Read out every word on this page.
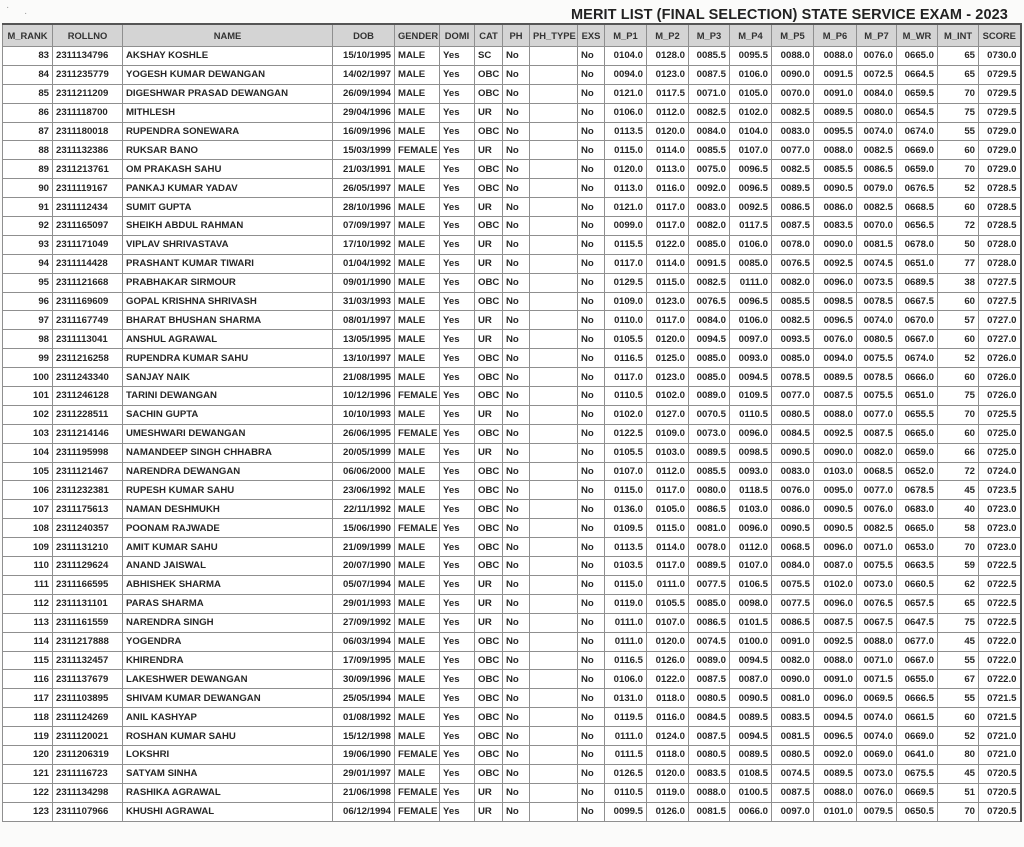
·
·	MERIT LIST (FINAL SELECTION) STATE SERVICE EXAM - 2023
M_RANK	ROLLNO	NAME	DOB	GENDER	DOMI	CAT	PH	PH_TYPE	EXS	M_P1	M_P2	M_P3	M_P4	M_P5	M_P6	M_P7	M_WR	M_INT	SCORE
83	2311134796	AKSHAY KOSHLE	15/10/1995	MALE	Yes	SC	No		No	0104.0	0128.0	0085.5	0095.5	0088.0	0088.0	0076.0	0665.0	65	0730.0
84	2311235779	YOGESH KUMAR DEWANGAN	14/02/1997	MALE	Yes	OBC	No		No	0094.0	0123.0	0087.5	0106.0	0090.0	0091.5	0072.5	0664.5	65	0729.5
85	2311211209	DIGESHWAR PRASAD DEWANGAN	26/09/1994	MALE	Yes	OBC	No		No	0121.0	0117.5	0071.0	0105.0	0070.0	0091.0	0084.0	0659.5	70	0729.5
86	2311118700	MITHLESH	29/04/1996	MALE	Yes	UR	No		No	0106.0	0112.0	0082.5	0102.0	0082.5	0089.5	0080.0	0654.5	75	0729.5
87	2311180018	RUPENDRA SONEWARA	16/09/1996	MALE	Yes	OBC	No		No	0113.5	0120.0	0084.0	0104.0	0083.0	0095.5	0074.0	0674.0	55	0729.0
88	2311132386	RUKSAR BANO	15/03/1999	FEMALE	Yes	UR	No		No	0115.0	0114.0	0085.5	0107.0	0077.0	0088.0	0082.5	0669.0	60	0729.0
89	2311213761	OM PRAKASH SAHU	21/03/1991	MALE	Yes	OBC	No		No	0120.0	0113.0	0075.0	0096.5	0082.5	0085.5	0086.5	0659.0	70	0729.0
90	2311119167	PANKAJ KUMAR YADAV	26/05/1997	MALE	Yes	OBC	No		No	0113.0	0116.0	0092.0	0096.5	0089.5	0090.5	0079.0	0676.5	52	0728.5
91	2311112434	SUMIT GUPTA	28/10/1996	MALE	Yes	UR	No		No	0121.0	0117.0	0083.0	0092.5	0086.5	0086.0	0082.5	0668.5	60	0728.5
92	2311165097	SHEIKH ABDUL RAHMAN	07/09/1997	MALE	Yes	OBC	No		No	0099.0	0117.0	0082.0	0117.5	0087.5	0083.5	0070.0	0656.5	72	0728.5
93	2311171049	VIPLAV SHRIVASTAVA	17/10/1992	MALE	Yes	UR	No		No	0115.5	0122.0	0085.0	0106.0	0078.0	0090.0	0081.5	0678.0	50	0728.0
94	2311114428	PRASHANT KUMAR TIWARI	01/04/1992	MALE	Yes	UR	No		No	0117.0	0114.0	0091.5	0085.0	0076.5	0092.5	0074.5	0651.0	77	0728.0
95	2311121668	PRABHAKAR SIRMOUR	09/01/1990	MALE	Yes	OBC	No		No	0129.5	0115.0	0082.5	0111.0	0082.0	0096.0	0073.5	0689.5	38	0727.5
96	2311169609	GOPAL KRISHNA SHRIVASH	31/03/1993	MALE	Yes	OBC	No		No	0109.0	0123.0	0076.5	0096.5	0085.5	0098.5	0078.5	0667.5	60	0727.5
97	2311167749	BHARAT BHUSHAN SHARMA	08/01/1997	MALE	Yes	UR	No		No	0110.0	0117.0	0084.0	0106.0	0082.5	0096.5	0074.0	0670.0	57	0727.0
98	2311113041	ANSHUL AGRAWAL	13/05/1995	MALE	Yes	UR	No		No	0105.5	0120.0	0094.5	0097.0	0093.5	0076.0	0080.5	0667.0	60	0727.0
99	2311216258	RUPENDRA KUMAR SAHU	13/10/1997	MALE	Yes	OBC	No		No	0116.5	0125.0	0085.0	0093.0	0085.0	0094.0	0075.5	0674.0	52	0726.0
100	2311243340	SANJAY NAIK	21/08/1995	MALE	Yes	OBC	No		No	0117.0	0123.0	0085.0	0094.5	0078.5	0089.5	0078.5	0666.0	60	0726.0
101	2311246128	TARINI DEWANGAN	10/12/1996	FEMALE	Yes	OBC	No		No	0110.5	0102.0	0089.0	0109.5	0077.0	0087.5	0075.5	0651.0	75	0726.0
102	2311228511	SACHIN GUPTA	10/10/1993	MALE	Yes	UR	No		No	0102.0	0127.0	0070.5	0110.5	0080.5	0088.0	0077.0	0655.5	70	0725.5
103	2311214146	UMESHWARI DEWANGAN	26/06/1995	FEMALE	Yes	OBC	No		No	0122.5	0109.0	0073.0	0096.0	0084.5	0092.5	0087.5	0665.0	60	0725.0
104	2311195998	NAMANDEEP SINGH CHHABRA	20/05/1999	MALE	Yes	UR	No		No	0105.5	0103.0	0089.5	0098.5	0090.5	0090.0	0082.0	0659.0	66	0725.0
105	2311121467	NARENDRA DEWANGAN	06/06/2000	MALE	Yes	OBC	No		No	0107.0	0112.0	0085.5	0093.0	0083.0	0103.0	0068.5	0652.0	72	0724.0
106	2311232381	RUPESH KUMAR SAHU	23/06/1992	MALE	Yes	OBC	No		No	0115.0	0117.0	0080.0	0118.5	0076.0	0095.0	0077.0	0678.5	45	0723.5
107	2311175613	NAMAN DESHMUKH	22/11/1992	MALE	Yes	OBC	No		No	0136.0	0105.0	0086.5	0103.0	0086.0	0090.5	0076.0	0683.0	40	0723.0
108	2311240357	POONAM RAJWADE	15/06/1990	FEMALE	Yes	OBC	No		No	0109.5	0115.0	0081.0	0096.0	0090.5	0090.5	0082.5	0665.0	58	0723.0
109	2311131210	AMIT KUMAR SAHU	21/09/1999	MALE	Yes	OBC	No		No	0113.5	0114.0	0078.0	0112.0	0068.5	0096.0	0071.0	0653.0	70	0723.0
110	2311129624	ANAND JAISWAL	20/07/1990	MALE	Yes	OBC	No		No	0103.5	0117.0	0089.5	0107.0	0084.0	0087.0	0075.5	0663.5	59	0722.5
111	2311166595	ABHISHEK SHARMA	05/07/1994	MALE	Yes	UR	No		No	0115.0	0111.0	0077.5	0106.5	0075.5	0102.0	0073.0	0660.5	62	0722.5
112	2311131101	PARAS SHARMA	29/01/1993	MALE	Yes	UR	No		No	0119.0	0105.5	0085.0	0098.0	0077.5	0096.0	0076.5	0657.5	65	0722.5
113	2311161559	NARENDRA SINGH	27/09/1992	MALE	Yes	UR	No		No	0111.0	0107.0	0086.5	0101.5	0086.5	0087.5	0067.5	0647.5	75	0722.5
114	2311217888	YOGENDRA	06/03/1994	MALE	Yes	OBC	No		No	0111.0	0120.0	0074.5	0100.0	0091.0	0092.5	0088.0	0677.0	45	0722.0
115	2311132457	KHIRENDRA	17/09/1995	MALE	Yes	OBC	No		No	0116.5	0126.0	0089.0	0094.5	0082.0	0088.0	0071.0	0667.0	55	0722.0
116	2311137679	LAKESHWER DEWANGAN	30/09/1996	MALE	Yes	OBC	No		No	0106.0	0122.0	0087.5	0087.0	0090.0	0091.0	0071.5	0655.0	67	0722.0
117	2311103895	SHIVAM KUMAR DEWANGAN	25/05/1994	MALE	Yes	OBC	No		No	0131.0	0118.0	0080.5	0090.5	0081.0	0096.0	0069.5	0666.5	55	0721.5
118	2311124269	ANIL KASHYAP	01/08/1992	MALE	Yes	OBC	No		No	0119.5	0116.0	0084.5	0089.5	0083.5	0094.5	0074.0	0661.5	60	0721.5
119	2311120021	ROSHAN KUMAR SAHU	15/12/1998	MALE	Yes	OBC	No		No	0111.0	0124.0	0087.5	0094.5	0081.5	0096.5	0074.0	0669.0	52	0721.0
120	2311206319	LOKSHRI	19/06/1990	FEMALE	Yes	OBC	No		No	0111.5	0118.0	0080.5	0089.5	0080.5	0092.0	0069.0	0641.0	80	0721.0
121	2311116723	SATYAM SINHA	29/01/1997	MALE	Yes	OBC	No		No	0126.5	0120.0	0083.5	0108.5	0074.5	0089.5	0073.0	0675.5	45	0720.5
122	2311134298	RASHIKA AGRAWAL	21/06/1998	FEMALE	Yes	UR	No		No	0110.5	0119.0	0088.0	0100.5	0087.5	0088.0	0076.0	0669.5	51	0720.5
123	2311107966	KHUSHI AGRAWAL	06/12/1994	FEMALE	Yes	UR	No		No	0099.5	0126.0	0081.5	0066.0	0097.0	0101.0	0079.5	0650.5	70	0720.5
